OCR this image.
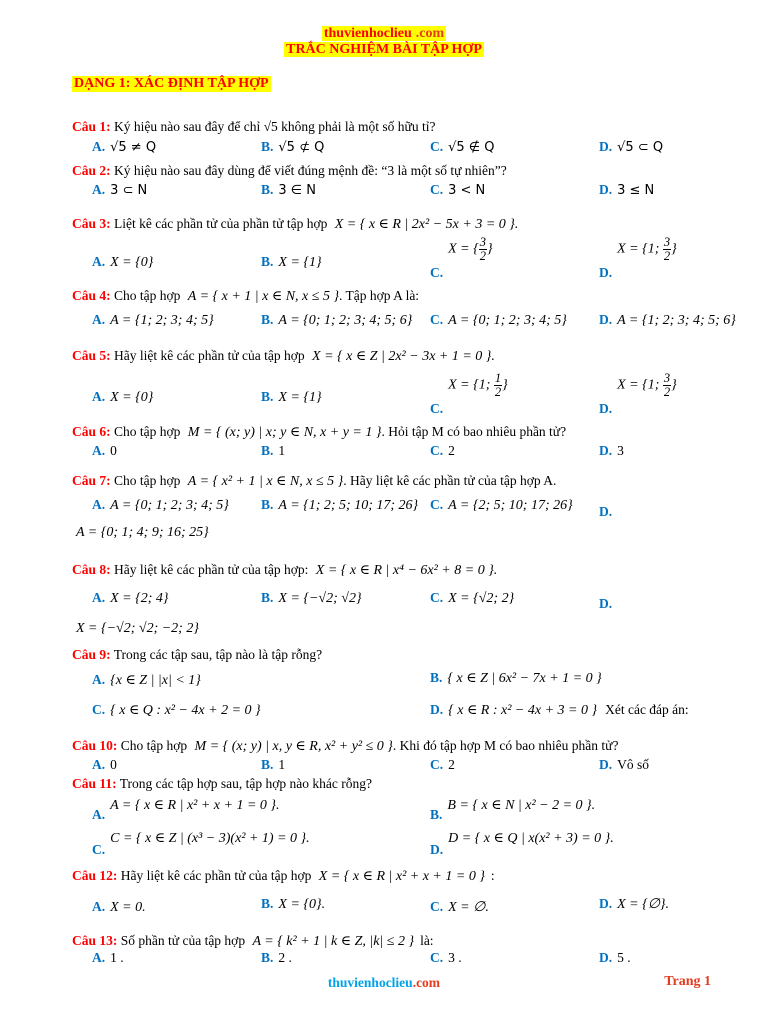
thuvienhoclieu .com
TRẮC NGHIỆM BÀI TẬP HỢP
DẠNG 1: XÁC ĐỊNH TẬP HỢP
Câu 1: Ký hiệu nào sau đây để chỉ √5 không phải là một số hữu tỉ?
A. √5 ≠ Q	B. √5 ⊄ Q	C. √5 ∉ Q	D. √5 ⊂ Q
Câu 2: Ký hiệu nào sau đây dùng để viết đúng mệnh đề: “3 là một số tự nhiên”?
A. 3 ⊂ N	B. 3 ∈ N	C. 3 < N	D. 3 ≤ N
Câu 3: Liệt kê các phần tử của phần tử tập hợp X = { x ∈ R | 2x² − 5x + 3 = 0 }.
A. X = {0}	B. X = {1}
C.X = { $\frac{3}{2}$ }
D.X = {1; $\frac{3}{2}$ }
Câu 4: Cho tập hợp A = { x + 1 | x ∈ N, x ≤ 5 }. Tập hợp A là:
A. A = {1; 2; 3; 4; 5}	B. A = {0; 1; 2; 3; 4; 5; 6} C. A = {0; 1; 2; 3; 4; 5} D. A = {1; 2; 3; 4; 5; 6}
Câu 5: Hãy liệt kê các phần tử của tập hợp X = { x ∈ Z | 2x² − 3x + 1 = 0 }.
A. X = {0}	B. X = {1}
C.X = {1; $\frac{1}{2}$ }
D.X = {1; $\frac{3}{2}$ }
Câu 6: Cho tập hợp M = { (x; y) | x; y ∈ N, x + y = 1 }. Hỏi tập M có bao nhiêu phần tử?
A. 0	B. 1	C. 2	D. 3
Câu 7: Cho tập hợp A = { x² + 1 | x ∈ N, x ≤ 5 }. Hãy liệt kê các phần tử của tập hợp A.
A. A = {0; 1; 2; 3; 4; 5} B. A = {1; 2; 5; 10; 17; 26} C. A = {2; 5; 10; 17; 26} D.
A = {0; 1; 4; 9; 16; 25}
Câu 8: Hãy liệt kê các phần tử của tập hợp: X = { x ∈ R | x⁴ − 6x² + 8 = 0 }.
A. X = {2; 4}	B. X = {−√2; √2}	C. X = {√2; 2}	D.
X = {−√2; √2; −2; 2}
Câu 9: Trong các tập sau, tập nào là tập rỗng?
A. {x ∈ Z | |x| < 1}	B. { x ∈ Z | 6x² − 7x + 1 = 0 }
C. { x ∈ Q : x² − 4x + 2 = 0 }	D. { x ∈ R : x² − 4x + 3 = 0 } Xét các đáp án:
Câu 10: Cho tập hợp M = { (x; y) | x, y ∈ R, x² + y² ≤ 0 }. Khi đó tập hợp M có bao nhiêu phần tử?
A. 0	B. 1	C. 2	D. Vô số
Câu 11: Trong các tập hợp sau, tập hợp nào khác rỗng?
A.A = { x ∈ R | x² + x + 1 = 0 }.
B.B = { x ∈ N | x² − 2 = 0 }.
C.C = { x ∈ Z | (x³ − 3)(x² + 1) = 0 }.
D.D = { x ∈ Q | x(x² + 3) = 0 }.
Câu 12: Hãy liệt kê các phần tử của tập hợp X = { x ∈ R | x² + x + 1 = 0 } :
A. X = 0.	B. X = {0}.	C. X = ∅.	D. X = {∅}.
Câu 13: Số phần tử của tập hợp A = { k² + 1 | k ∈ Z, |k| ≤ 2 } là:
A. 1 .	B. 2 .	C. 3 .	D. 5 .
thuvienhoclieu.com	Trang 1
